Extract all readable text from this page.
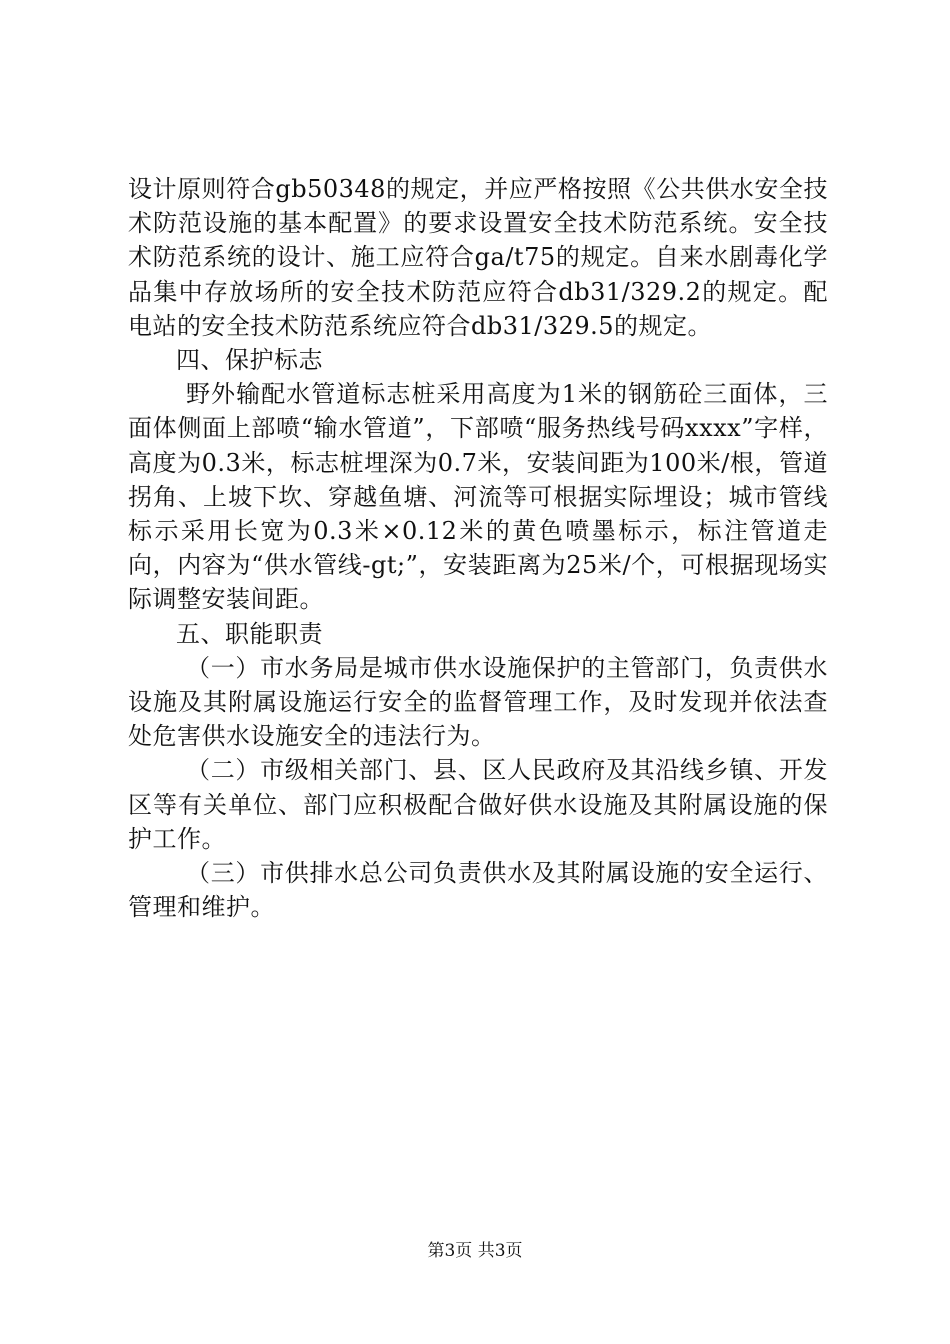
设计原则符合gb50348的规定，并应严格按照《公共供水安全技术防范设施的基本配置》的要求设置安全技术防范系统。安全技术防范系统的设计、施工应符合ga/t75的规定。自来水剧毒化学品集中存放场所的安全技术防范应符合db31/329.2的规定。配电站的安全技术防范系统应符合db31/329.5的规定。

四、保护标志

野外输配水管道标志桩采用高度为1米的钢筋砼三面体，三面体侧面上部喷“输水管道”，下部喷“服务热线号码xxxx”字样，高度为0.3米，标志桩埋深为0.7米，安装间距为100米/根，管道拐角、上坡下坎、穿越鱼塘、河流等可根据实际埋设；城市管线标示采用长宽为0.3米×0.12米的黄色喷墨标示，标注管道走向，内容为“供水管线-gt;”，安装距离为25米/个，可根据现场实际调整安装间距。

五、职能职责

（一）市水务局是城市供水设施保护的主管部门，负责供水设施及其附属设施运行安全的监督管理工作，及时发现并依法查处危害供水设施安全的违法行为。

（二）市级相关部门、县、区人民政府及其沿线乡镇、开发区等有关单位、部门应积极配合做好供水设施及其附属设施的保护工作。

（三）市供排水总公司负责供水及其附属设施的安全运行、管理和维护。

第3页 共3页
